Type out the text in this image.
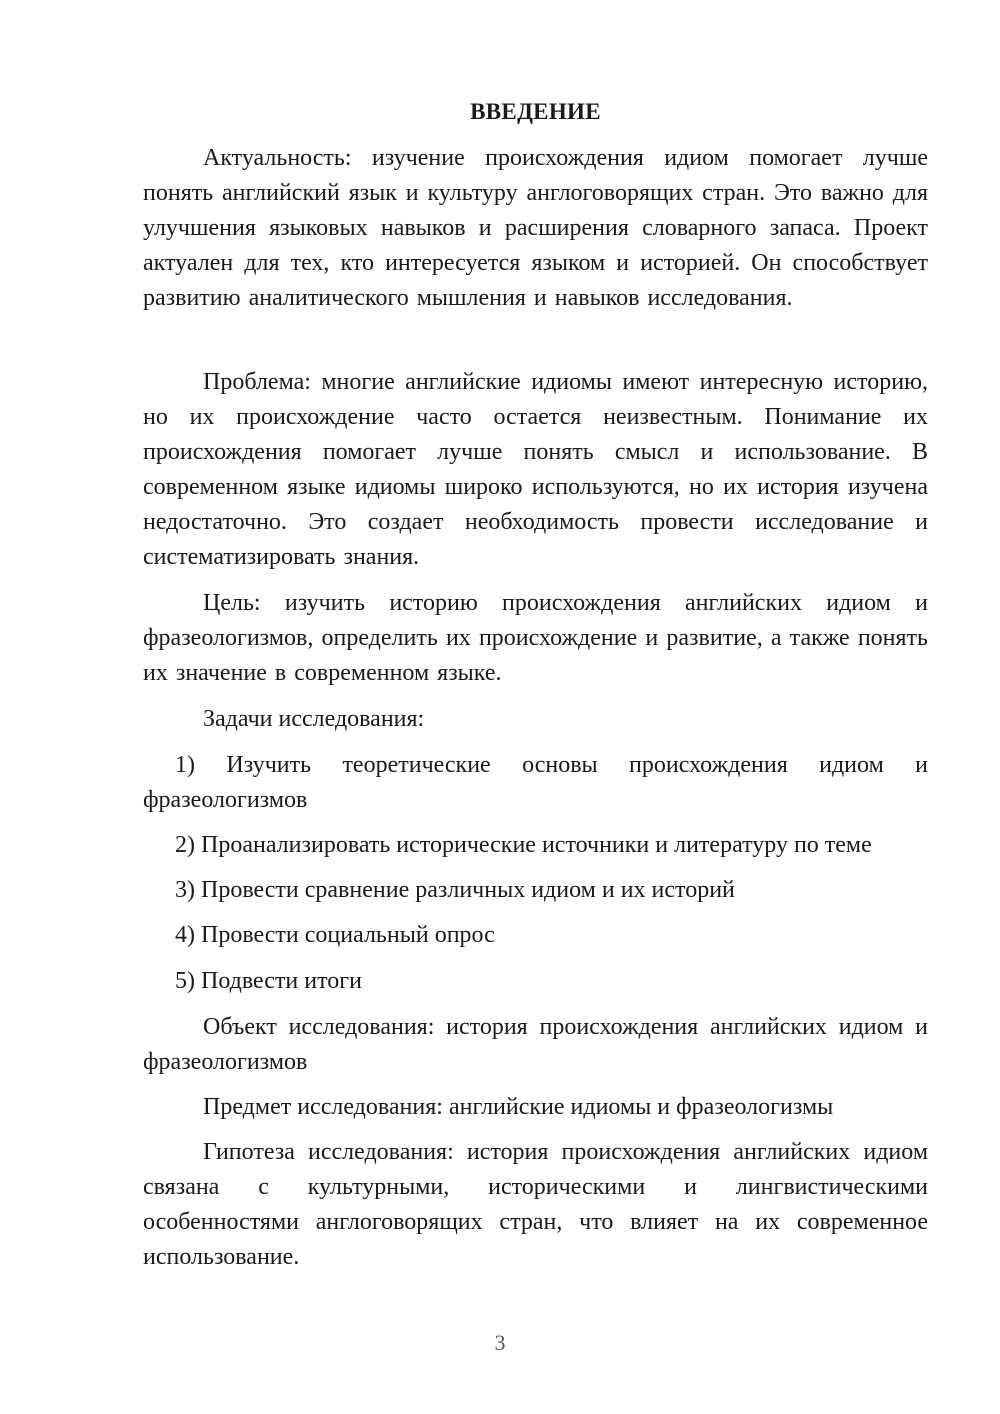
ВВЕДЕНИЕ

Актуальность: изучение происхождения идиом помогает лучше понять английский язык и культуру англоговорящих стран. Это важно для улучшения языковых навыков и расширения словарного запаса. Проект актуален для тех, кто интересуется языком и историей. Он способствует развитию аналитического мышления и навыков исследования.

Проблема: многие английские идиомы имеют интересную историю, но их происхождение часто остается неизвестным. Понимание их происхождения помогает лучше понять смысл и использование. В современном языке идиомы широко используются, но их история изучена недостаточно. Это создает необходимость провести исследование и систематизировать знания.

Цель: изучить историю происхождения английских идиом и фразеологизмов, определить их происхождение и развитие, а также понять их значение в современном языке.

Задачи исследования:

1) Изучить теоретические основы происхождения идиом и фразеологизмов

2) Проанализировать исторические источники и литературу по теме

3) Провести сравнение различных идиом и их историй

4) Провести социальный опрос

5) Подвести итоги

Объект исследования: история происхождения английских идиом и фразеологизмов

Предмет исследования: английские идиомы и фразеологизмы

Гипотеза исследования: история происхождения английских идиом связана с культурными, историческими и лингвистическими особенностями англоговорящих стран, что влияет на их современное использование.

3
